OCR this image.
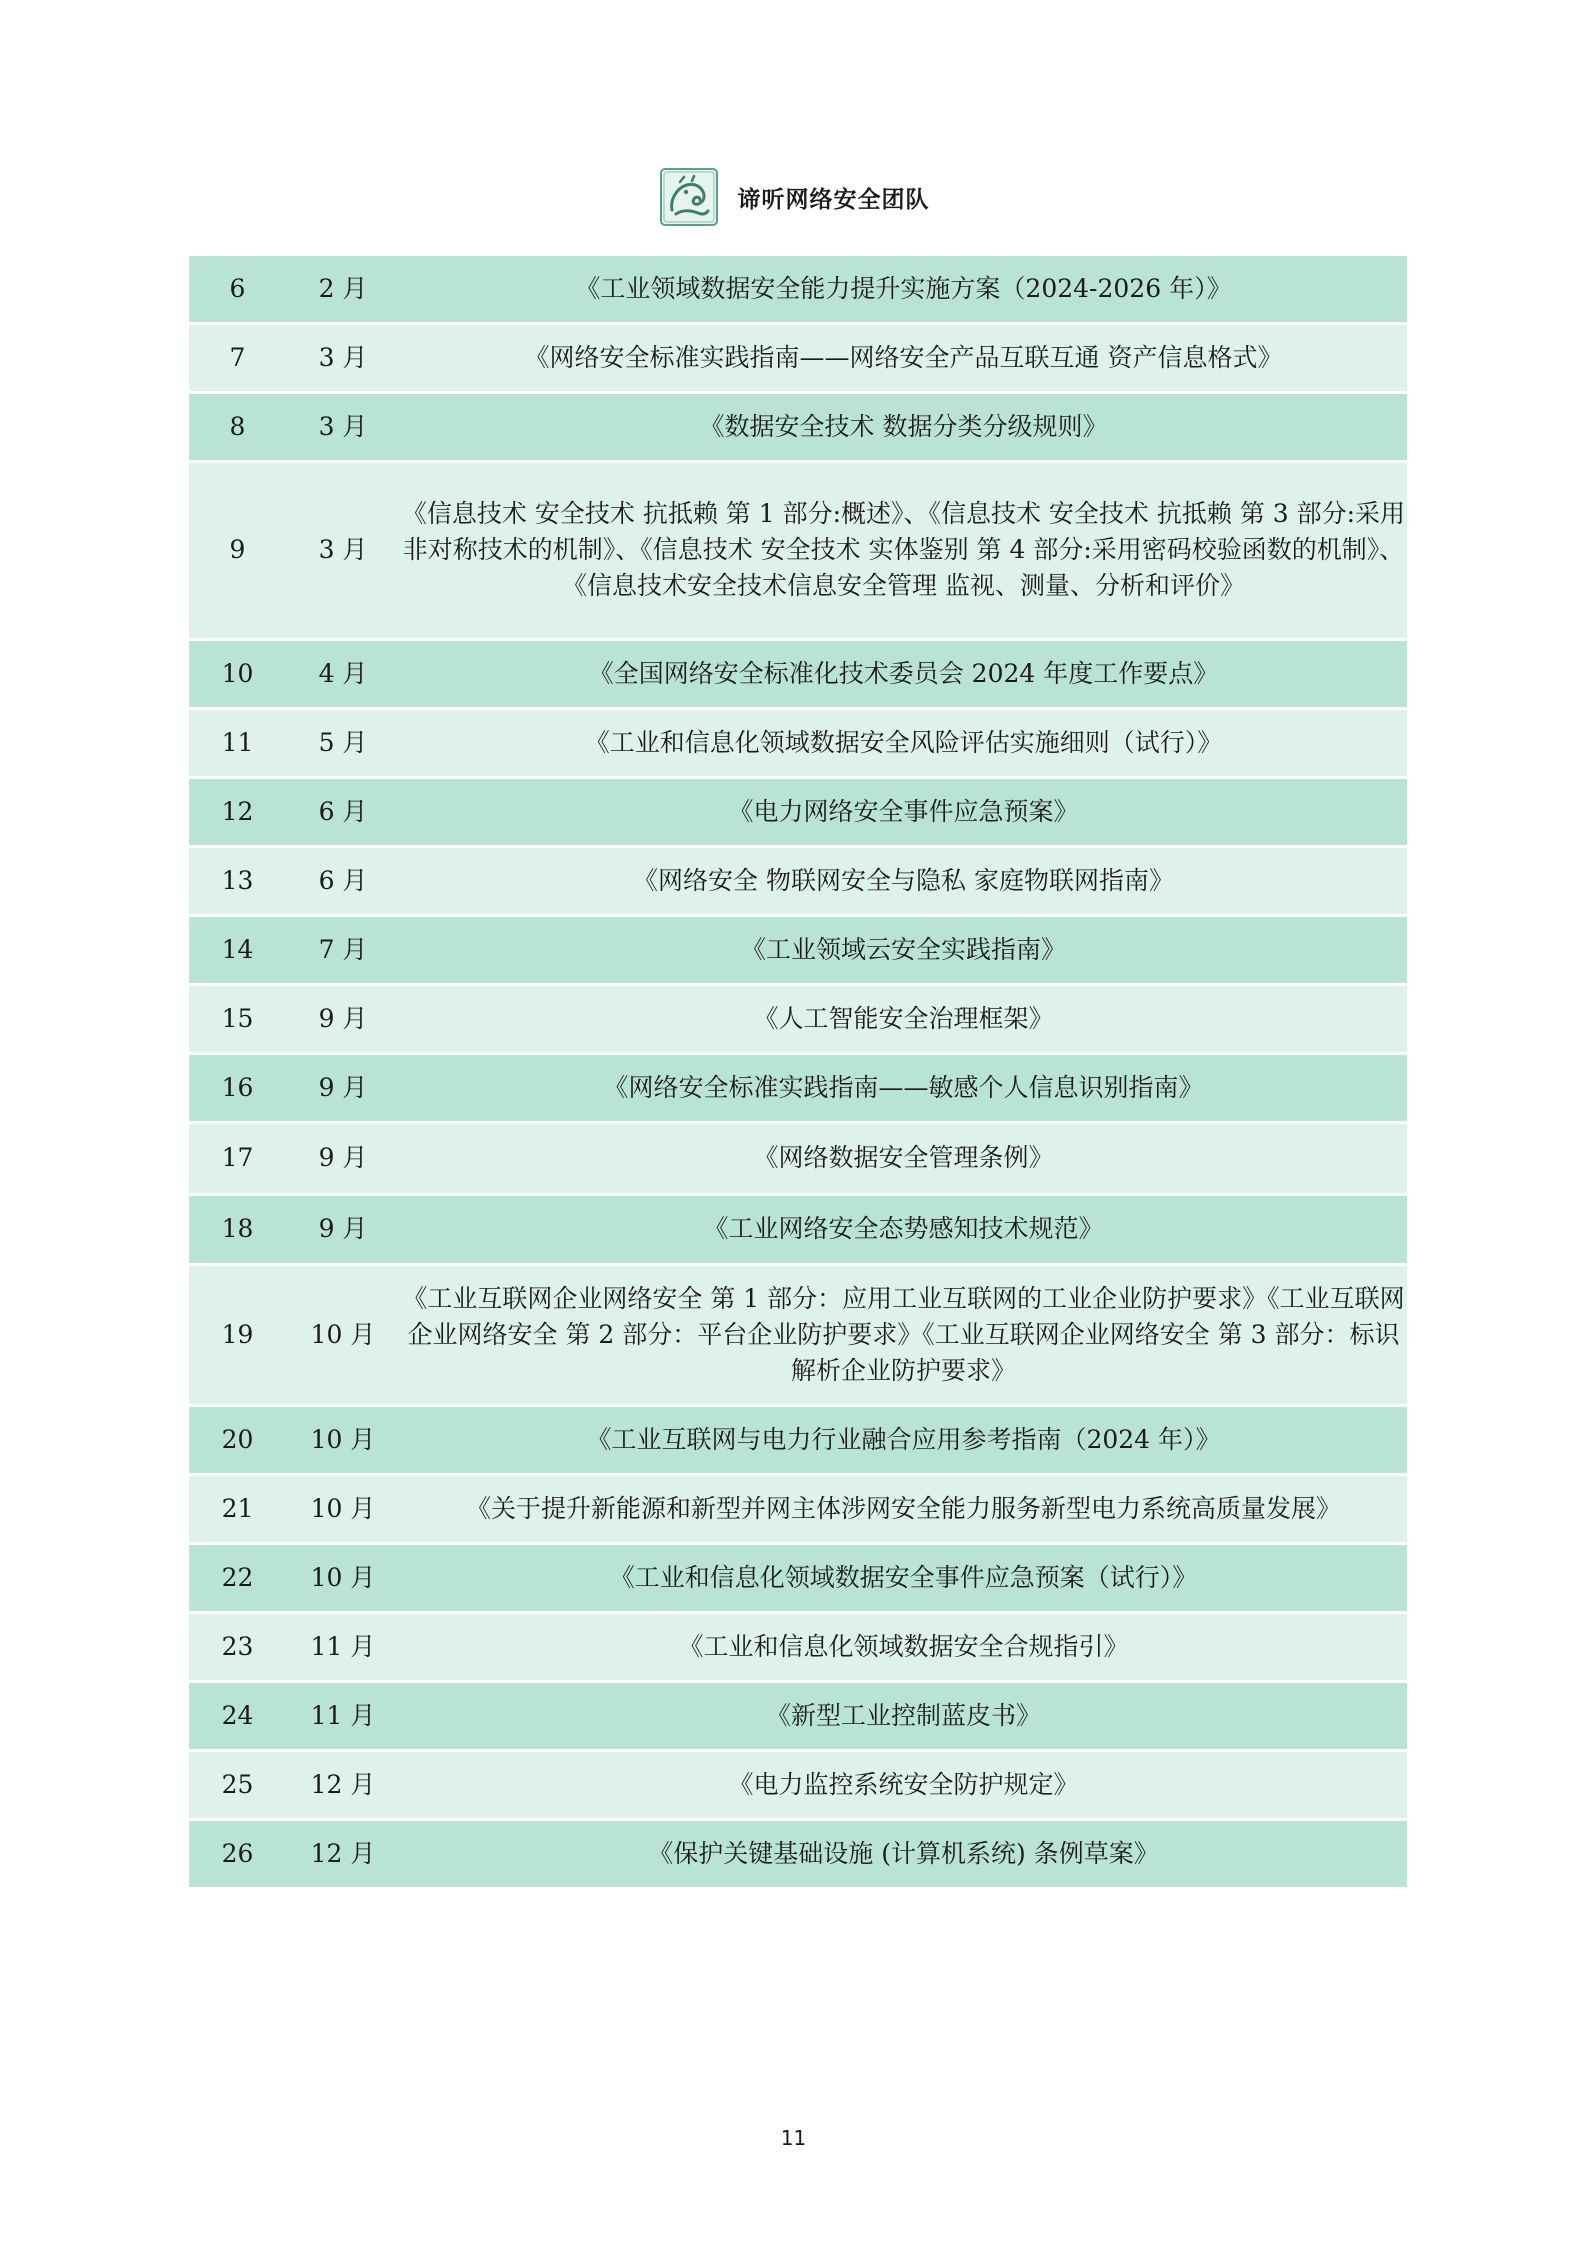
谛听网络安全团队
6	2 月	《工业领域数据安全能力提升实施方案（2024-2026 年）》
7	3 月	《网络安全标准实践指南——网络安全产品互联互通 资产信息格式》
8	3 月	《数据安全技术 数据分类分级规则》
9	3 月	《信息技术 安全技术 抗抵赖 第 1 部分:概述》、《信息技术 安全技术 抗抵赖 第 3 部分:采用非对称技术的机制》、《信息技术 安全技术 实体鉴别 第 4 部分:采用密码校验函数的机制》、《信息技术安全技术信息安全管理 监视、测量、分析和评价》
10	4 月	《全国网络安全标准化技术委员会 2024 年度工作要点》
11	5 月	《工业和信息化领域数据安全风险评估实施细则（试行）》
12	6 月	《电力网络安全事件应急预案》
13	6 月	《网络安全 物联网安全与隐私 家庭物联网指南》
14	7 月	《工业领域云安全实践指南》
15	9 月	《人工智能安全治理框架》
16	9 月	《网络安全标准实践指南——敏感个人信息识别指南》
17	9 月	《网络数据安全管理条例》
18	9 月	《工业网络安全态势感知技术规范》
19	10 月	《工业互联网企业网络安全 第 1 部分：应用工业互联网的工业企业防护要求》《工业互联网企业网络安全 第 2 部分：平台企业防护要求》《工业互联网企业网络安全 第 3 部分：标识解析企业防护要求》
20	10 月	《工业互联网与电力行业融合应用参考指南（2024 年）》
21	10 月	《关于提升新能源和新型并网主体涉网安全能力服务新型电力系统高质量发展》
22	10 月	《工业和信息化领域数据安全事件应急预案（试行）》
23	11 月	《工业和信息化领域数据安全合规指引》
24	11 月	《新型工业控制蓝皮书》
25	12 月	《电力监控系统安全防护规定》
26	12 月	《保护关键基础设施 (计算机系统) 条例草案》
11
